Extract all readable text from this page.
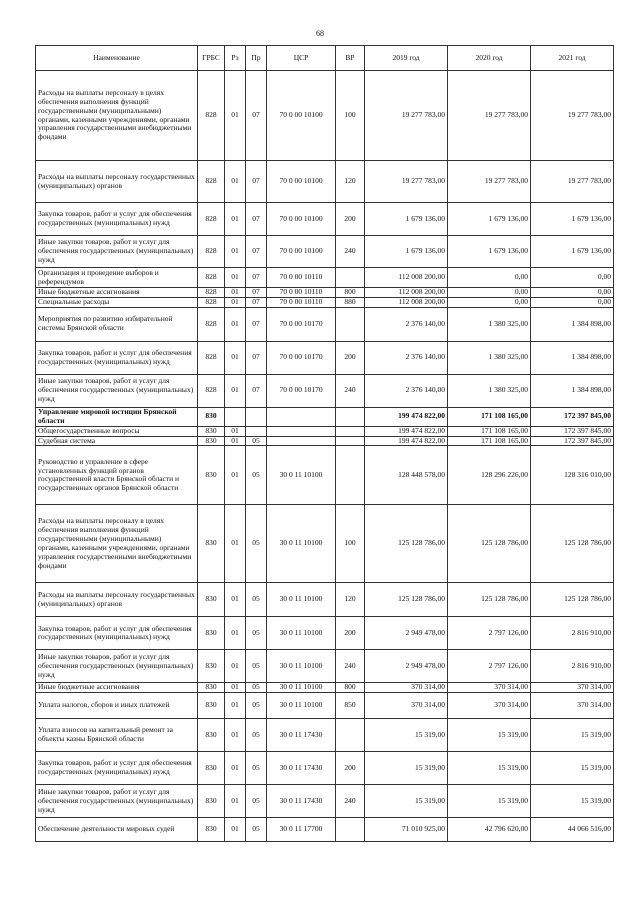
68
Наименование	ГРБС	Рз	Пр	ЦСР	ВР	2019 год	2020 год	2021 год
Расходы на выплаты персоналу в целях обеспечения выполнения функций государственными (муниципальными) органами, казенными учреждениями, органами управления государственными внебюджетными фондами	828	01	07	70 0 00 10100	100	19 277 783,00	19 277 783,00	19 277 783,00
Расходы на выплаты персоналу государственных (муниципальных) органов	828	01	07	70 0 00 10100	120	19 277 783,00	19 277 783,00	19 277 783,00
Закупка товаров, работ и услуг для обеспечения государственных (муниципальных) нужд	828	01	07	70 0 00 10100	200	1 679 136,00	1 679 136,00	1 679 136,00
Иные закупки товаров, работ и услуг для обеспечения государственных (муниципальных) нужд	828	01	07	70 0 00 10100	240	1 679 136,00	1 679 136,00	1 679 136,00
Организация и проведение выборов и референдумов	828	01	07	70 0 00 10110		112 008 200,00	0,00	0,00
Иные бюджетные ассигнования	828	01	07	70 0 00 10110	800	112 008 200,00	0,00	0,00
Специальные расходы	828	01	07	70 0 00 10110	880	112 008 200,00	0,00	0,00
Мероприятия по развитию избирательной системы Брянской области	828	01	07	70 0 00 10170		2 376 140,00	1 380 325,00	1 384 898,00
Закупка товаров, работ и услуг для обеспечения государственных (муниципальных) нужд	828	01	07	70 0 00 10170	200	2 376 140,00	1 380 325,00	1 384 898,00
Иные закупки товаров, работ и услуг для обеспечения государственных (муниципальных) нужд	828	01	07	70 0 00 10170	240	2 376 140,00	1 380 325,00	1 384 898,00
Управление мировой юстиции Брянской области	830					199 474 822,00	171 108 165,00	172 397 845,00
Общегосударственные вопросы	830	01				199 474 822,00	171 108 165,00	172 397 845,00
Судебная система	830	01	05			199 474 822,00	171 108 165,00	172 397 845,00
Руководство и управление в сфере установленных функций органов государственной власти Брянской области и государственных органов Брянской области	830	01	05	30 0 11 10100		128 448 578,00	128 296 226,00	128 316 010,00
Расходы на выплаты персоналу в целях обеспечения выполнения функций государственными (муниципальными) органами, казенными учреждениями, органами управления государственными внебюджетными фондами	830	01	05	30 0 11 10100	100	125 128 786,00	125 128 786,00	125 128 786,00
Расходы на выплаты персоналу государственных (муниципальных) органов	830	01	05	30 0 11 10100	120	125 128 786,00	125 128 786,00	125 128 786,00
Закупка товаров, работ и услуг для обеспечения государственных (муниципальных) нужд	830	01	05	30 0 11 10100	200	2 949 478,00	2 797 126,00	2 816 910,00
Иные закупки товаров, работ и услуг для обеспечения государственных (муниципальных) нужд	830	01	05	30 0 11 10100	240	2 949 478,00	2 797 126,00	2 816 910,00
Иные бюджетные ассигнования	830	01	05	30 0 11 10100	800	370 314,00	370 314,00	370 314,00
Уплата налогов, сборов и иных платежей	830	01	05	30 0 11 10100	850	370 314,00	370 314,00	370 314,00
Уплата взносов на капитальный ремонт за объекты казны Брянской области	830	01	05	30 0 11 17430		15 319,00	15 319,00	15 319,00
Закупка товаров, работ и услуг для обеспечения государственных (муниципальных) нужд	830	01	05	30 0 11 17430	200	15 319,00	15 319,00	15 319,00
Иные закупки товаров, работ и услуг для обеспечения государственных (муниципальных) нужд	830	01	05	30 0 11 17430	240	15 319,00	15 319,00	15 319,00
Обеспечение деятельности мировых судей	830	01	05	30 0 11 17700		71 010 925,00	42 796 620,00	44 066 516,00
